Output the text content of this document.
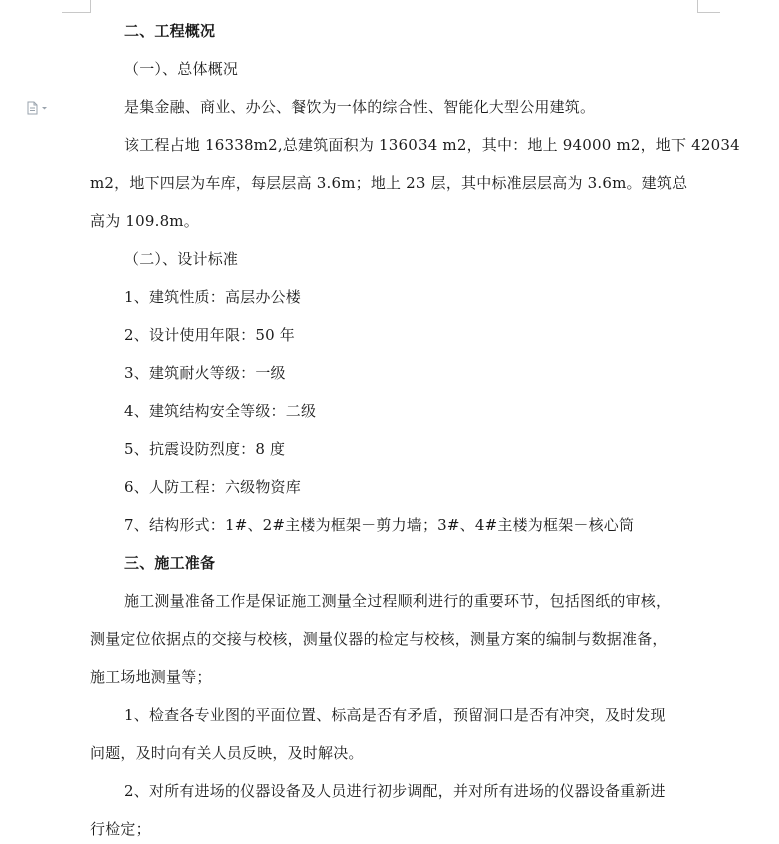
二、工程概况
（一）、总体概况
是集金融、商业、办公、餐饮为一体的综合性、智能化大型公用建筑。
该工程占地 16338m2,总建筑面积为 136034 m2，其中：地上 94000 m2，地下 42034
m2，地下四层为车库，每层层高 3.6m；地上 23 层，其中标准层层高为 3.6m。建筑总
高为 109.8m。
（二）、设计标准
1、建筑性质：高层办公楼
2、设计使用年限：50 年
3、建筑耐火等级：一级
4、建筑结构安全等级：二级
5、抗震设防烈度：8 度
6、人防工程：六级物资库
7、结构形式：1#、2#主楼为框架－剪力墙；3#、4#主楼为框架－核心筒
三、施工准备
施工测量准备工作是保证施工测量全过程顺利进行的重要环节，包括图纸的审核，
测量定位依据点的交接与校核，测量仪器的检定与校核，测量方案的编制与数据准备，
施工场地测量等；
1、检查各专业图的平面位置、标高是否有矛盾，预留洞口是否有冲突，及时发现
问题，及时向有关人员反映，及时解决。
2、对所有进场的仪器设备及人员进行初步调配，并对所有进场的仪器设备重新进
行检定；
